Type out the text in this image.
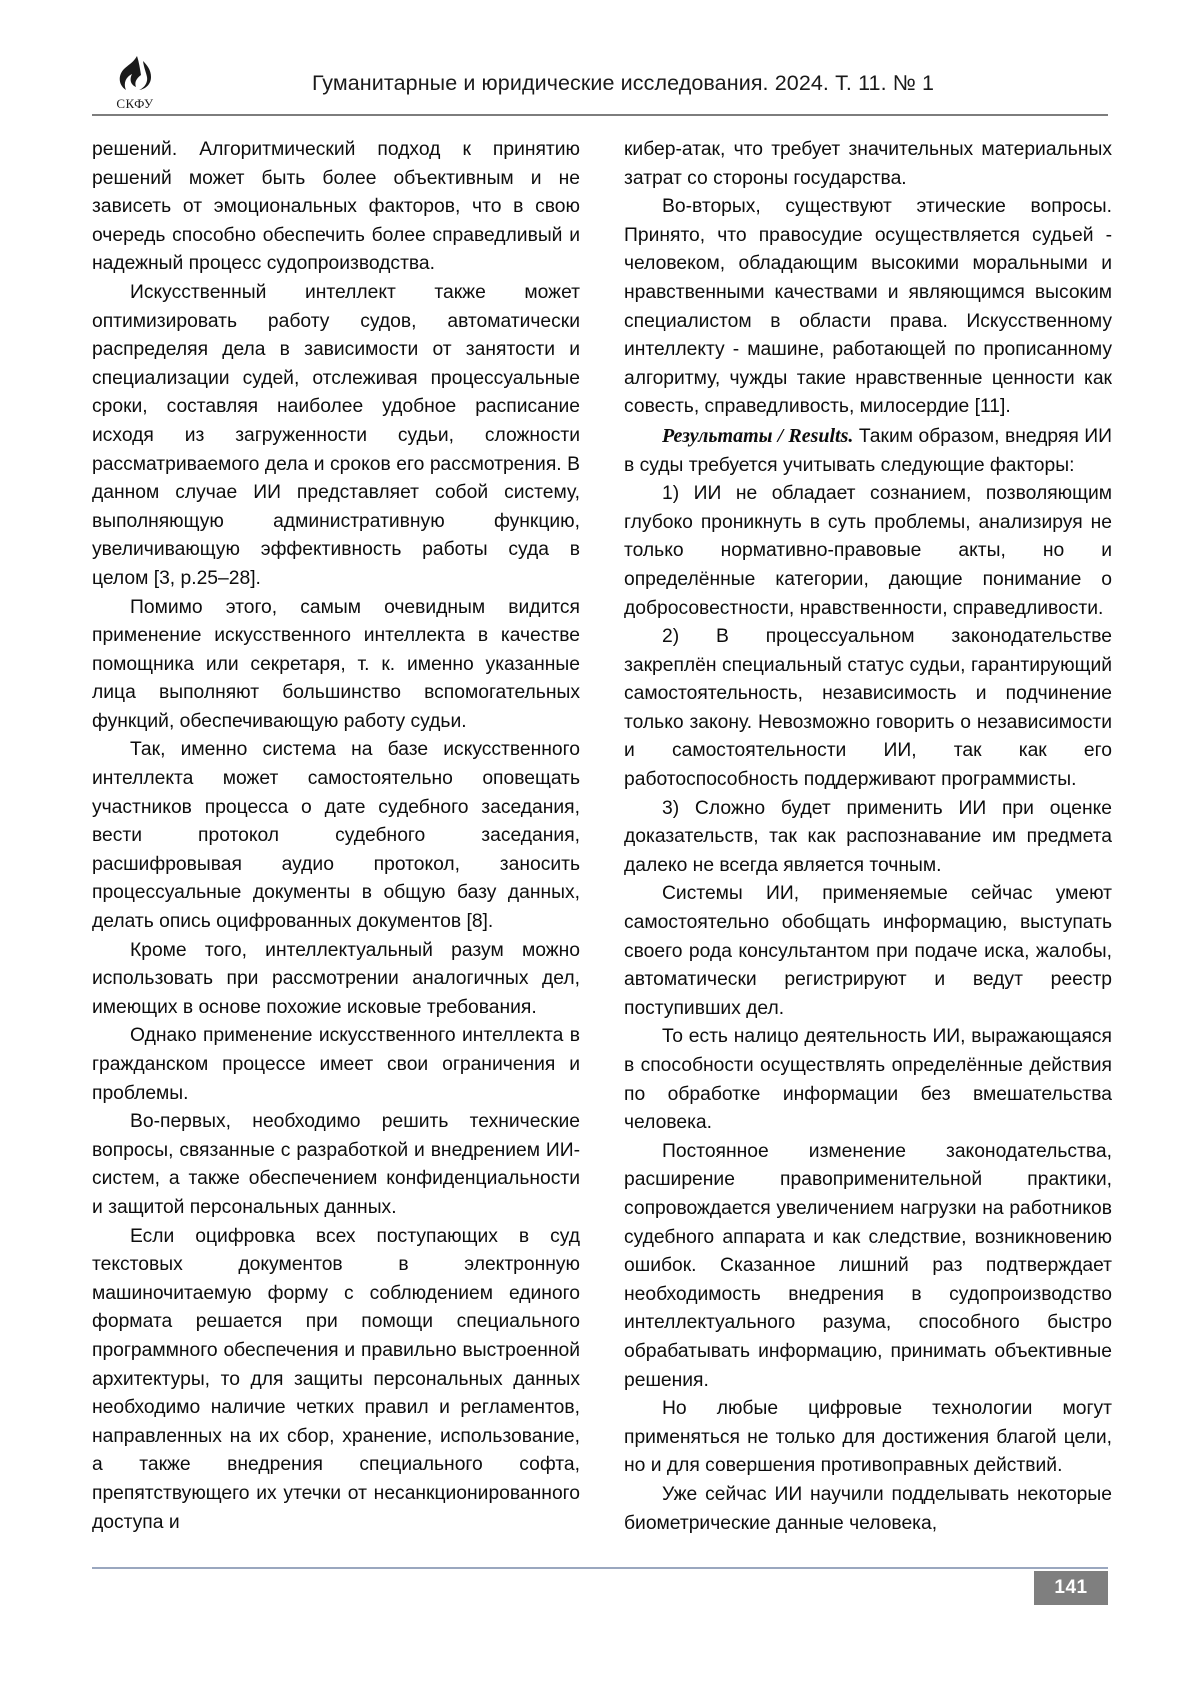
СКФУ
Гуманитарные и юридические исследования. 2024. Т. 11. № 1

решений. Алгоритмический подход к принятию решений может быть более объективным и не зависеть от эмоциональных факторов, что в свою очередь способно обеспечить более справедливый и надежный процесс судопроизводства.

Искусственный интеллект также может оптимизировать работу судов, автоматически распределяя дела в зависимости от занятости и специализации судей, отслеживая процессуальные сроки, составляя наиболее удобное расписание исходя из загруженности судьи, сложности рассматриваемого дела и сроков его рассмотрения. В данном случае ИИ представляет собой систему, выполняющую административную функцию, увеличивающую эффективность работы суда в целом [3, p.25–28].

Помимо этого, самым очевидным видится применение искусственного интеллекта в качестве помощника или секретаря, т. к. именно указанные лица выполняют большинство вспомогательных функций, обеспечивающую работу судьи.

Так, именно система на базе искусственного интеллекта может самостоятельно оповещать участников процесса о дате судебного заседания, вести протокол судебного заседания, расшифровывая аудио протокол, заносить процессуальные документы в общую базу данных, делать опись оцифрованных документов [8].

Кроме того, интеллектуальный разум можно использовать при рассмотрении аналогичных дел, имеющих в основе похожие исковые требования.

Однако применение искусственного интеллекта в гражданском процессе имеет свои ограничения и проблемы.

Во-первых, необходимо решить технические вопросы, связанные с разработкой и внедрением ИИ-систем, а также обеспечением конфиденциальности и защитой персональных данных.

Если оцифровка всех поступающих в суд текстовых документов в электронную машиночитаемую форму с соблюдением единого формата решается при помощи специального программного обеспечения и правильно выстроенной архитектуры, то для защиты персональных данных необходимо наличие четких правил и регламентов, направленных на их сбор, хранение, использование, а также внедрения специального софта, препятствующего их утечки от несанкционированного доступа и

кибер-атак, что требует значительных материальных затрат со стороны государства.

Во-вторых, существуют этические вопросы. Принято, что правосудие осуществляется судьей - человеком, обладающим высокими моральными и нравственными качествами и являющимся высоким специалистом в области права. Искусственному интеллекту - машине, работающей по прописанному алгоритму, чужды такие нравственные ценности как совесть, справедливость, милосердие [11].

Результаты / Results. Таким образом, внедряя ИИ в суды требуется учитывать следующие факторы:

1) ИИ не обладает сознанием, позволяющим глубоко проникнуть в суть проблемы, анализируя не только нормативно-правовые акты, но и определённые категории, дающие понимание о добросовестности, нравственности, справедливости.

2) В процессуальном законодательстве закреплён специальный статус судьи, гарантирующий самостоятельность, независимость и подчинение только закону. Невозможно говорить о независимости и самостоятельности ИИ, так как его работоспособность поддерживают программисты.

3) Сложно будет применить ИИ при оценке доказательств, так как распознавание им предмета далеко не всегда является точным.

Системы ИИ, применяемые сейчас умеют самостоятельно обобщать информацию, выступать своего рода консультантом при подаче иска, жалобы, автоматически регистрируют и ведут реестр поступивших дел.

То есть налицо деятельность ИИ, выражающаяся в способности осуществлять определённые действия по обработке информации без вмешательства человека.

Постоянное изменение законодательства, расширение правоприменительной практики, сопровождается увеличением нагрузки на работников судебного аппарата и как следствие, возникновению ошибок. Сказанное лишний раз подтверждает необходимость внедрения в судопроизводство интеллектуального разума, способного быстро обрабатывать информацию, принимать объективные решения.

Но любые цифровые технологии могут применяться не только для достижения благой цели, но и для совершения противоправных действий.

Уже сейчас ИИ научили подделывать некоторые биометрические данные человека,

141
